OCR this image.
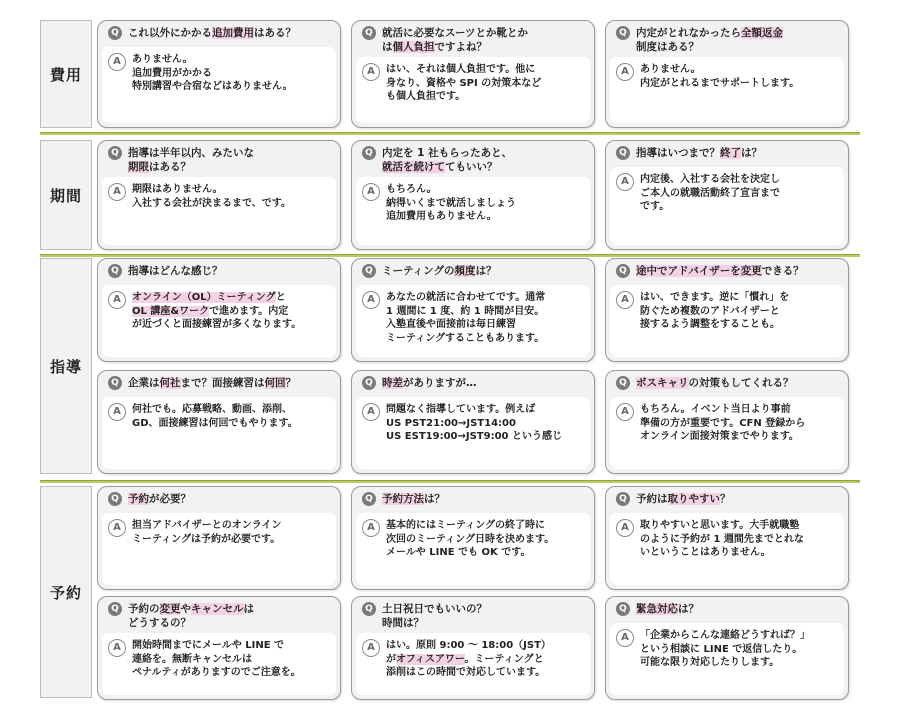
費用
Q これ以外にかかる追加費用はある？
A	ありません。
追加費用がかかる
特別講習や合宿などはありません。
Q 就活に必要なスーツとか靴とか
は個人負担ですよね？
A	はい、それは個人負担です。他に
身なり、資格や SPI の対策本など
も個人負担です。
Q 内定がとれなかったら全額返金
制度はある？
A	ありません。
内定がとれるまでサポートします。
期間
Q 指導は半年以内、みたいな
期限はある？
A	期限はありません。
入社する会社が決まるまで、です。
Q 内定を 1 社もらったあと、
就活を続けててもいい？
A	もちろん。
納得いくまで就活しましょう
追加費用もありません。
Q 指導はいつまで？終了は？
A	内定後、入社する会社を決定し
ご本人の就職活動終了宣言まで
です。
指導
Q 指導はどんな感じ？
A	オンライン（OL）ミーティングと
OL 講座&ワークで進めます。内定
が近づくと面接練習が多くなります。
Q ミーティングの頻度は？
A	あなたの就活に合わせてです。通常
1 週間に 1 度、約 1 時間が目安。
入塾直後や面接前は毎日練習
ミーティングすることもあります。
Q 途中でアドバイザーを変更できる？
A	はい、できます。逆に「慣れ」を
防ぐため複数のアドバイザーと
接するよう調整をすることも。
Q 企業は何社まで？面接練習は何回？
A	何社でも。応募戦略、動画、添削、
GD、面接練習は何回でもやります。
Q 時差がありますが…
A	問題なく指導しています。例えば
US PST21:00→JST14:00
US EST19:00→JST9:00 という感じ
Q ボスキャリの対策もしてくれる？
A	もちろん。イベント当日より事前
準備の方が重要です。CFN 登録から
オンライン面接対策までやります。
予約
Q 予約が必要？
A	担当アドバイザーとのオンライン
ミーティングは予約が必要です。
Q 予約方法は？
A	基本的にはミーティングの終了時に
次回のミーティング日時を決めます。
メールや LINE でも OK です。
Q 予約は取りやすい？
A	取りやすいと思います。大手就職塾
のように予約が 1 週間先までとれな
いということはありません。
Q 予約の変更やキャンセルは
どうするの？
A	開始時間までにメールや LINE で
連絡を。無断キャンセルは
ペナルティがありますのでご注意を。
Q 土日祝日でもいいの？
時間は？
A	はい。原則 9:00 ～ 18:00（JST）
がオフィスアワー。ミーティングと
添削はこの時間で対応しています。
Q 緊急対応は？
A	「企業からこんな連絡どうすれば？」
という相談に LINE で返信したり。
可能な限り対応したりします。
